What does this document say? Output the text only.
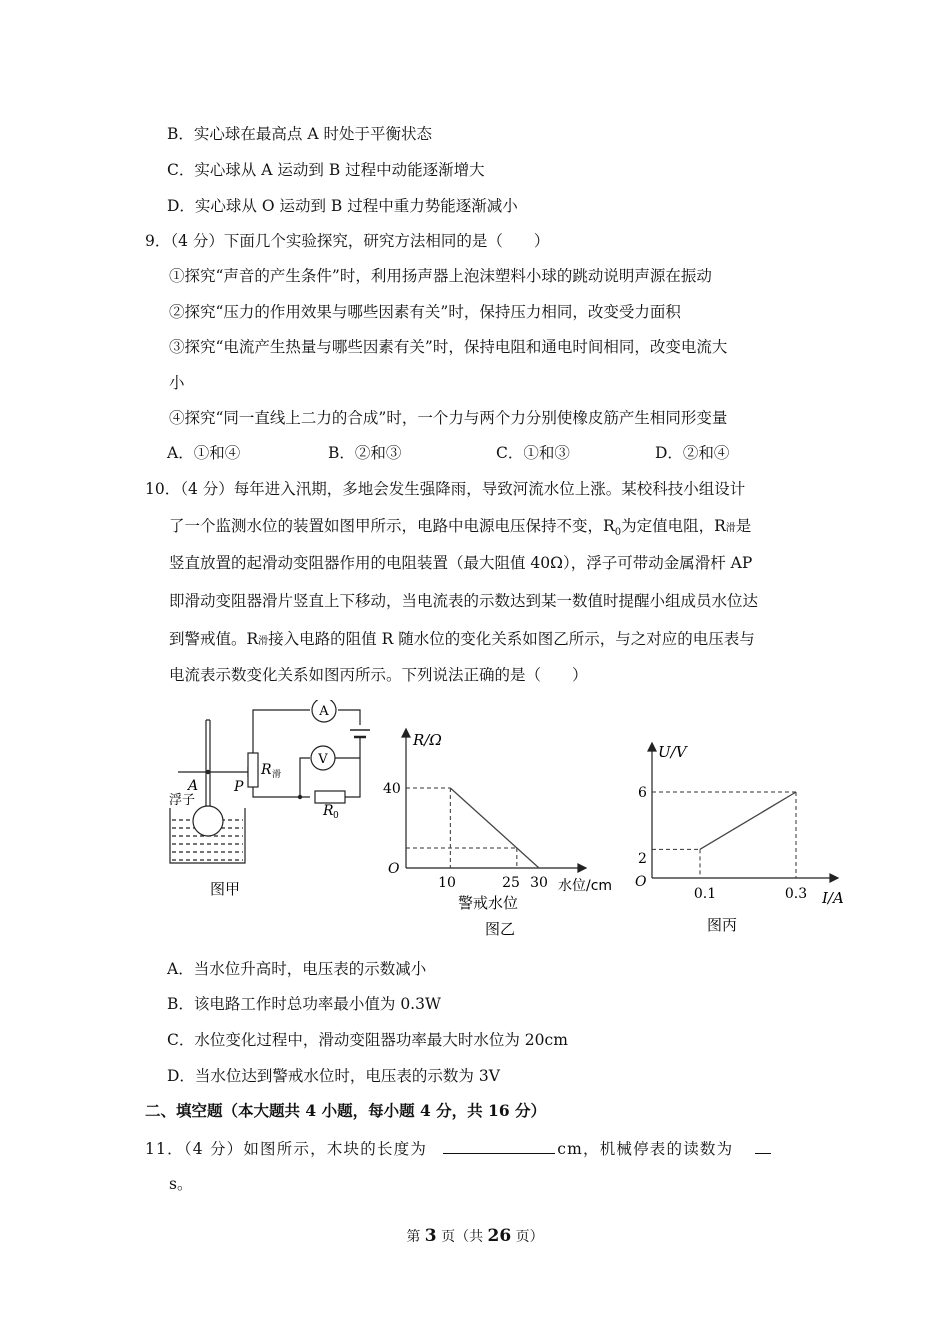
B．实心球在最高点 A 时处于平衡状态
C．实心球从 A 运动到 B 过程中动能逐渐增大
D．实心球从 O 运动到 B 过程中重力势能逐渐减小
9．（4 分）下面几个实验探究，研究方法相同的是（　　）
①探究“声音的产生条件”时，利用扬声器上泡沫塑料小球的跳动说明声源在振动
②探究“压力的作用效果与哪些因素有关”时，保持压力相同，改变受力面积
③探究“电流产生热量与哪些因素有关”时，保持电阻和通电时间相同，改变电流大
小
④探究“同一直线上二力的合成”时，一个力与两个力分别使橡皮筋产生相同形变量
A．①和④	B．②和③	C．①和③	D．②和④
10．（4 分）每年进入汛期，多地会发生强降雨，导致河流水位上涨。某校科技小组设计
了一个监测水位的装置如图甲所示，电路中电源电压保持不变，$R_0$为定值电阻，R滑是
竖直放置的起滑动变阻器作用的电阻装置（最大阻值 40Ω），浮子可带动金属滑杆 AP
即滑动变阻器滑片竖直上下移动，当电流表的示数达到某一数值时提醒小组成员水位达
到警戒值。R滑接入电路的阻值 R 随水位的变化关系如图乙所示，与之对应的电压表与
电流表示数变化关系如图丙所示。下列说法正确的是（　　）
A
V
R 滑
R 0
A	P
浮子
图甲
R/Ω
O
40
10	25 30 水位/cm
警戒水位
图乙
U/V
O
2
6
0.1	0.3 I/A
图丙
A．当水位升高时，电压表的示数减小
B．该电路工作时总功率最小值为 0.3W
C．水位变化过程中，滑动变阻器功率最大时水位为 20cm
D．当水位达到警戒水位时，电压表的示数为 3V
二、填空题（本大题共 4 小题，每小题 4 分，共 16 分）
11．（4 分）如图所示，木块的长度为	cm，机械停表的读数为
s。
第 3 页（共 26 页）
